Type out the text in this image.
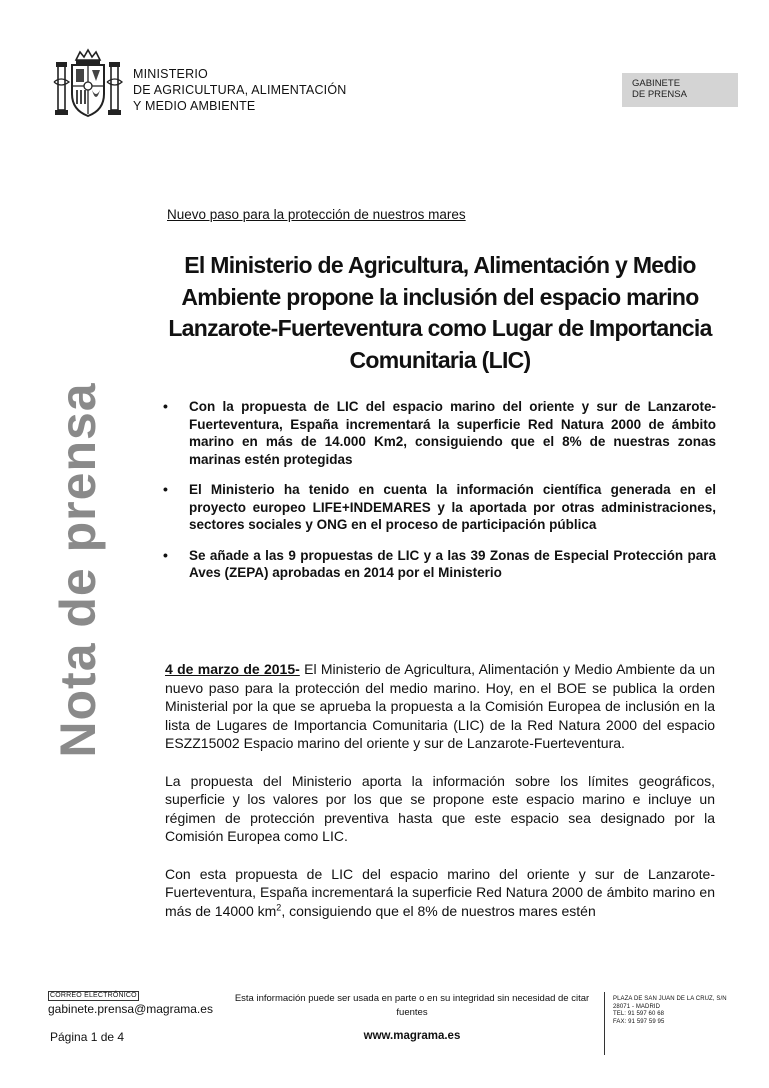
MINISTERIO
DE AGRICULTURA, ALIMENTACIÓN
Y MEDIO AMBIENTE
GABINETE
DE PRENSA
Nota de prensa
Nuevo paso para la protección de nuestros mares
El Ministerio de Agricultura, Alimentación y Medio Ambiente propone la inclusión del espacio marino Lanzarote-Fuerteventura como Lugar de Importancia Comunitaria (LIC)
• Con la propuesta de LIC del espacio marino del oriente y sur de Lanzarote-Fuerteventura, España incrementará la superficie Red Natura 2000 de ámbito marino en más de 14.000 Km2, consiguiendo que el 8% de nuestras zonas marinas estén protegidas
• El Ministerio ha tenido en cuenta la información científica generada en el proyecto europeo LIFE+INDEMARES y la aportada por otras administraciones, sectores sociales y ONG en el proceso de participación pública
• Se añade a las 9 propuestas de LIC y a las 39 Zonas de Especial Protección para Aves (ZEPA) aprobadas en 2014 por el Ministerio

4 de marzo de 2015- El Ministerio de Agricultura, Alimentación y Medio Ambiente da un nuevo paso para la protección del medio marino. Hoy, en el BOE se publica la orden Ministerial por la que se aprueba la propuesta a la Comisión Europea de inclusión en la lista de Lugares de Importancia Comunitaria (LIC) de la Red Natura 2000 del espacio ESZZ15002 Espacio marino del oriente y sur de Lanzarote-Fuerteventura.

La propuesta del Ministerio aporta la información sobre los límites geográficos, superficie y los valores por los que se propone este espacio marino e incluye un régimen de protección preventiva hasta que este espacio sea designado por la Comisión Europea como LIC.

Con esta propuesta de LIC del espacio marino del oriente y sur de Lanzarote-Fuerteventura, España incrementará la superficie Red Natura 2000 de ámbito marino en más de 14000 $km^2$, consiguiendo que el 8% de nuestros mares estén

CORREO ELECTRÓNICO
gabinete.prensa@magrama.es
Esta información puede ser usada en parte o en su integridad sin necesidad de citar fuentes
Página 1 de 4	www.magrama.es
PLAZA DE SAN JUAN DE LA CRUZ, S/N
28071 - MADRID
TEL: 91 597 60 68
FAX: 91 597 59 95
